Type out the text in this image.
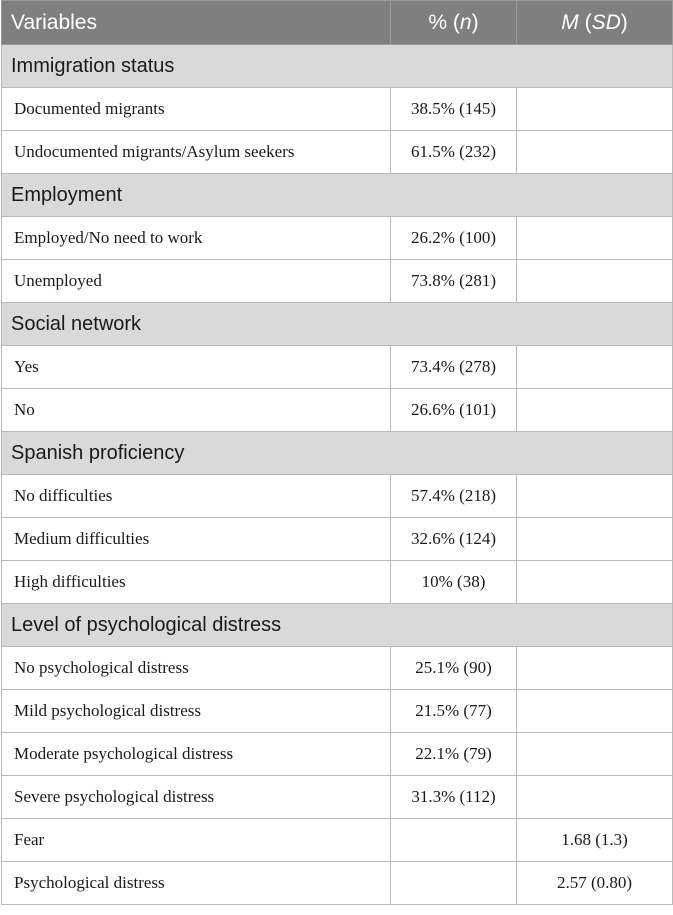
Variables	% (n)	M (SD)
Immigration status		
Documented migrants	38.5% (145)	
Undocumented migrants/Asylum seekers	61.5% (232)	
Employment		
Employed/No need to work	26.2% (100)	
Unemployed	73.8% (281)	
Social network		
Yes	73.4% (278)	
No	26.6% (101)	
Spanish proficiency		
No difficulties	57.4% (218)	
Medium difficulties	32.6% (124)	
High difficulties	10% (38)	
Level of psychological distress		
No psychological distress	25.1% (90)	
Mild psychological distress	21.5% (77)	
Moderate psychological distress	22.1% (79)	
Severe psychological distress	31.3% (112)	
Fear		1.68 (1.3)
Psychological distress		2.57 (0.80)
